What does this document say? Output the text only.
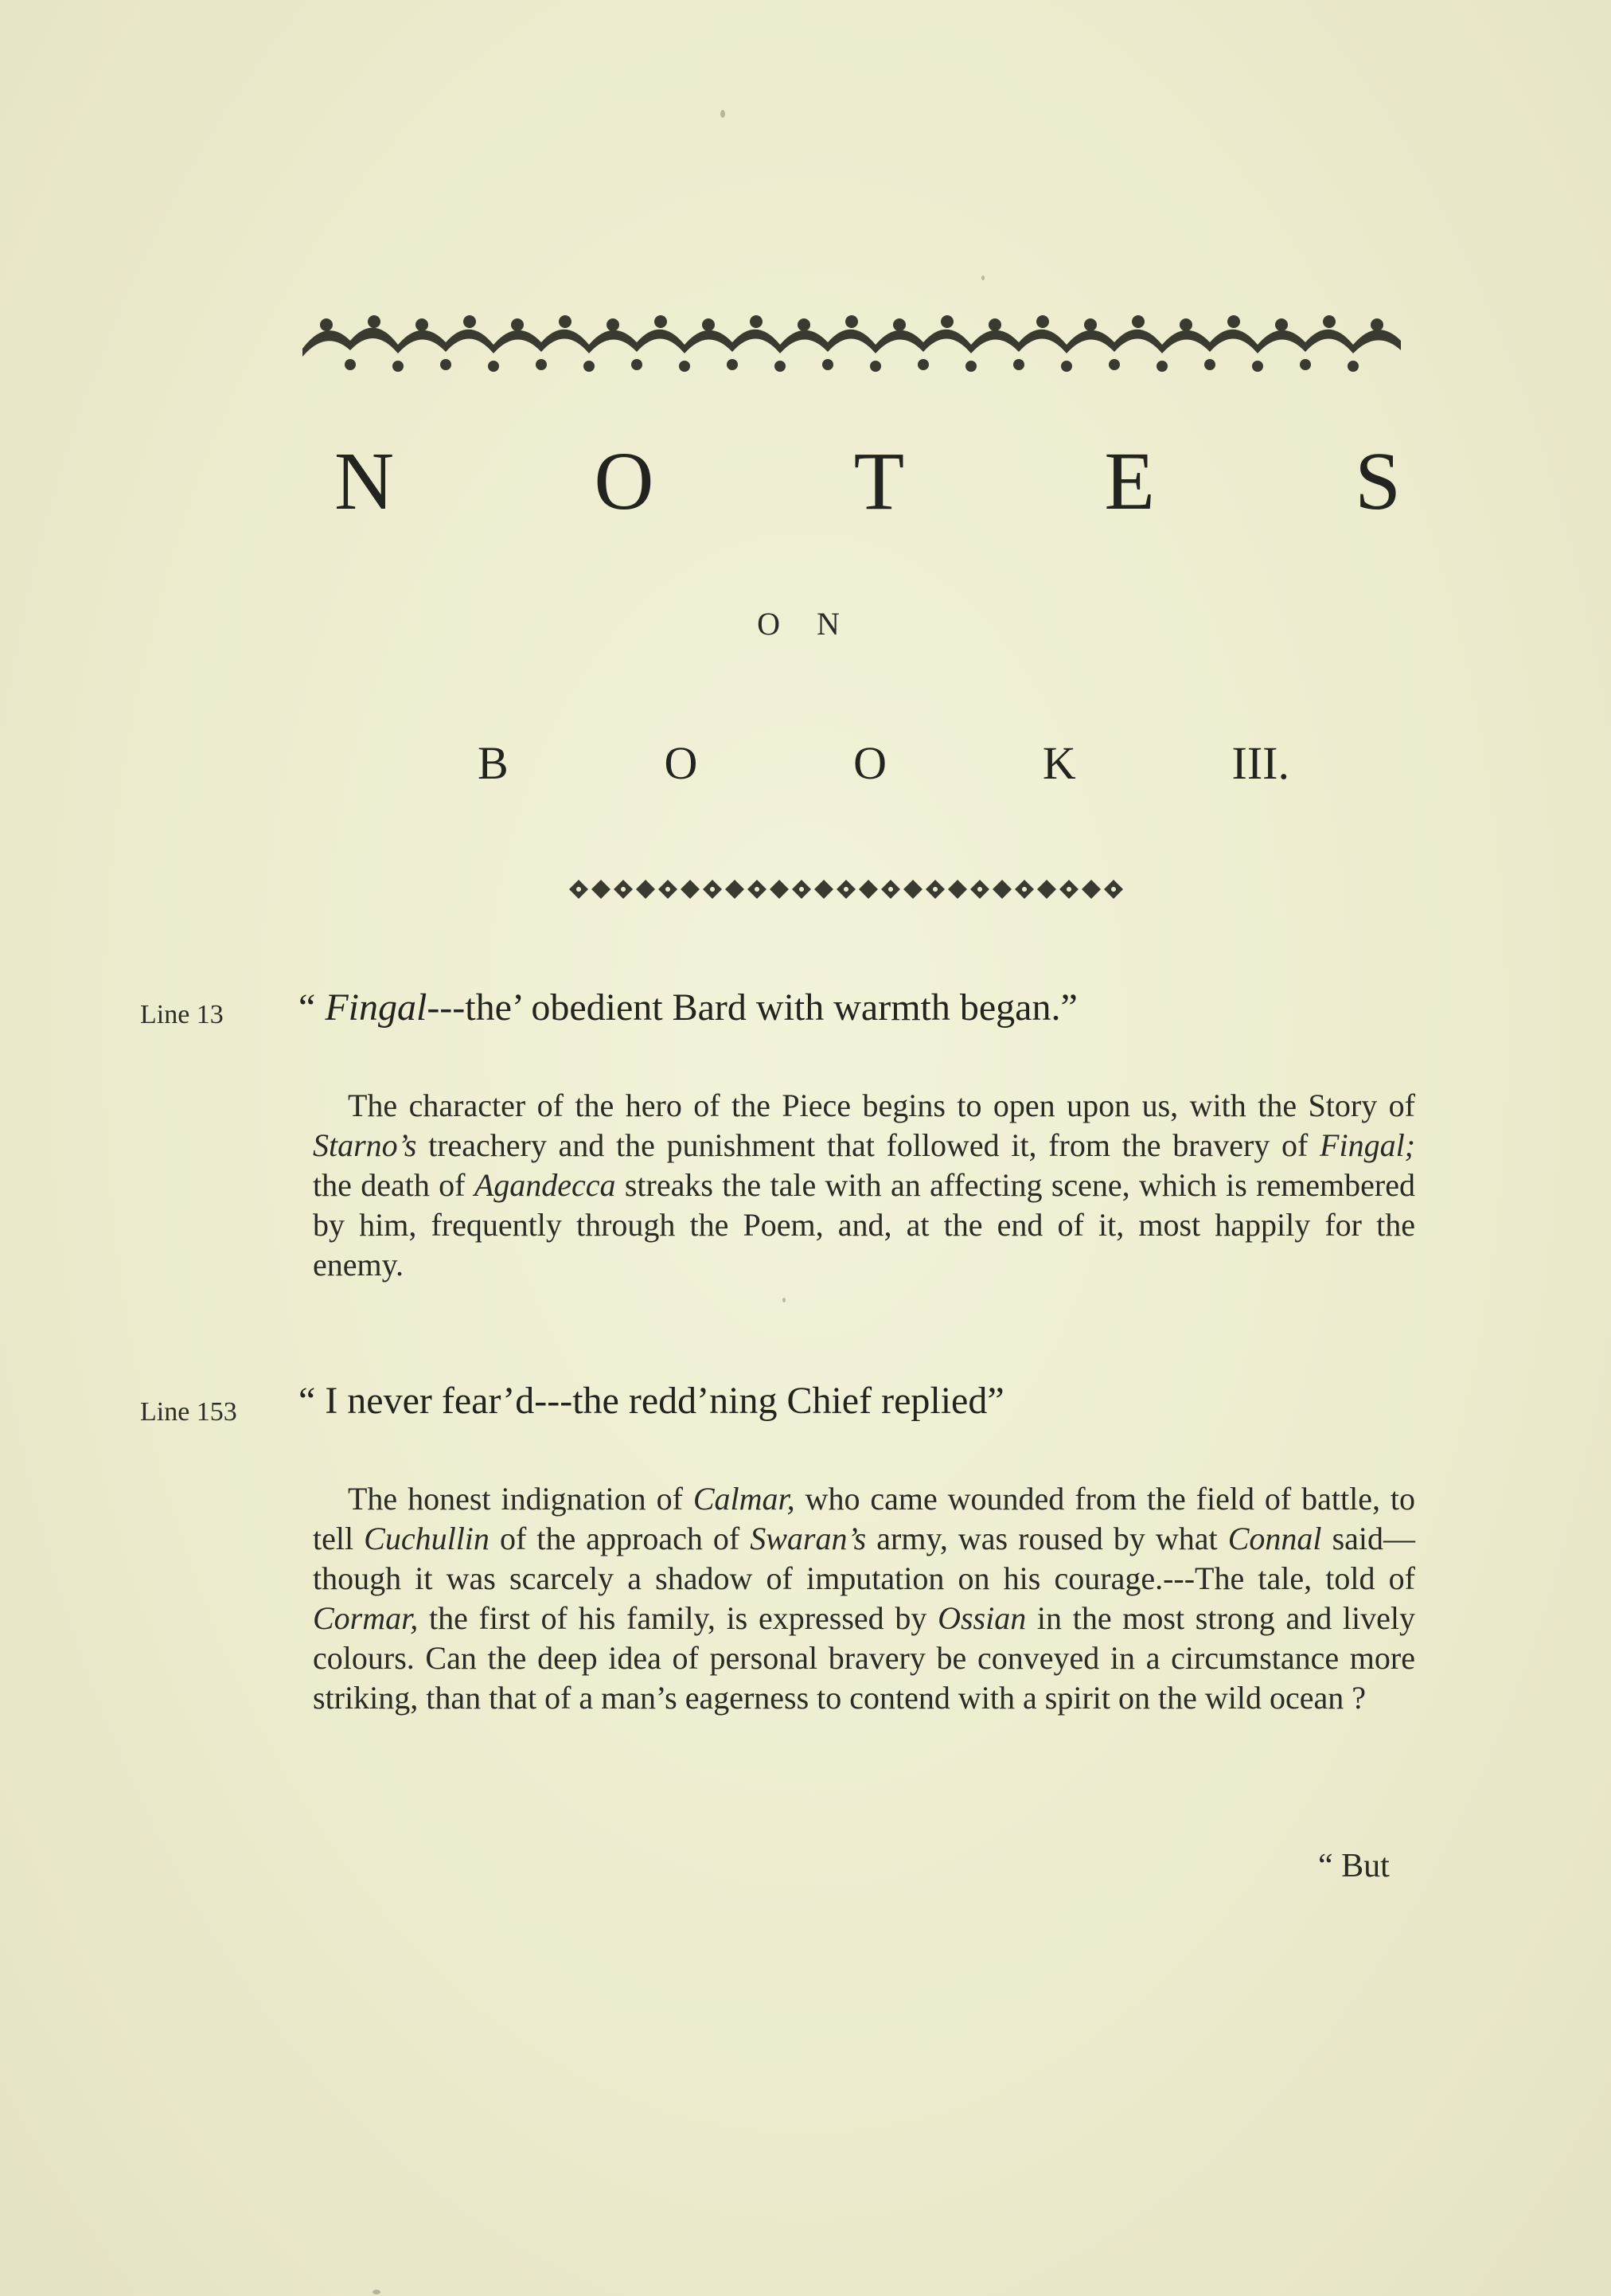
N O T E S
O N
B	O	O	K	III.
Line 13 “ Fingal---the’ obedient Bard with warmth began.”
The character of the hero of the Piece begins to open upon us, with the Story of Starno’s treachery and the punishment that followed it, from the bravery of Fingal; the death of Agandecca streaks the tale with an affecting scene, which is remembered by him, frequently through the Poem, and, at the end of it, most happily for the enemy.
Line 153 “ I never fear’d---the redd’ning Chief replied”
The honest indignation of Calmar, who came wounded from the field of battle, to tell Cuchullin of the approach of Swaran’s army, was roused by what Connal said—though it was scarcely a shadow of imputation on his courage.---The tale, told of Cormar, the first of his family, is expressed by Ossian in the most strong and lively colours. Can the deep idea of personal bravery be conveyed in a circumstance more striking, than that of a man’s eagerness to contend with a spirit on the wild ocean ?
“ But
